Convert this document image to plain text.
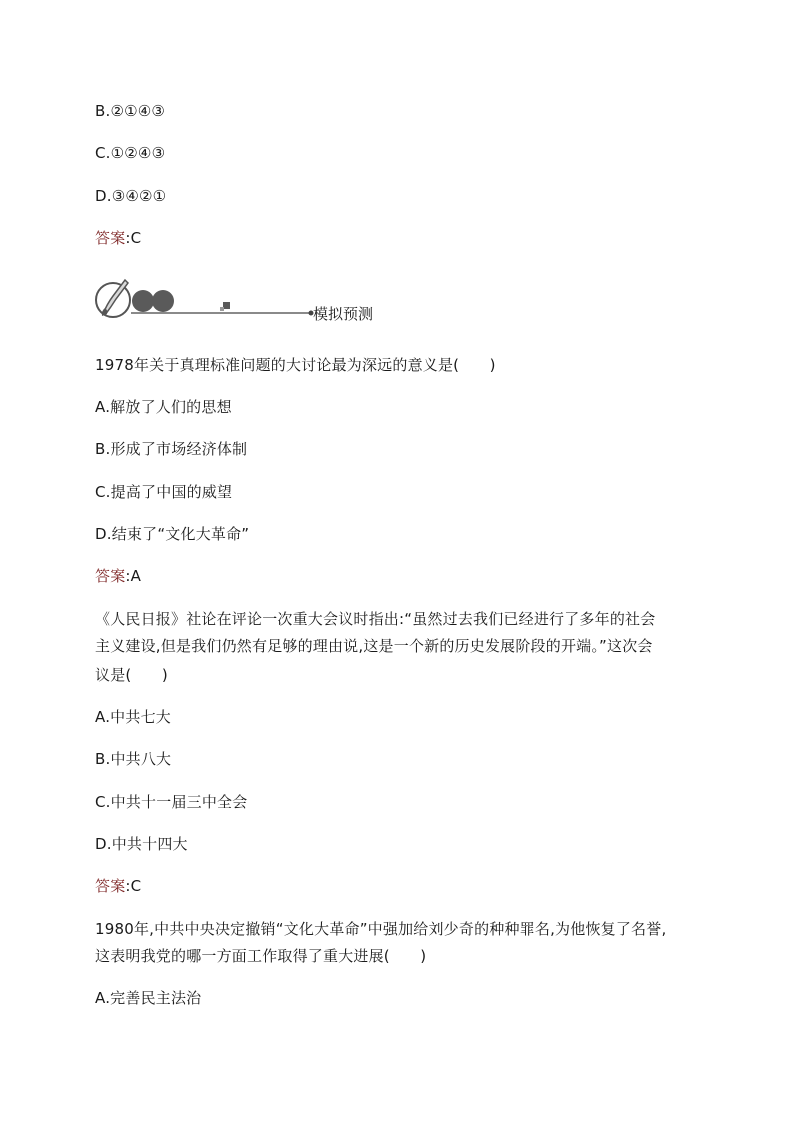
B.②①④③
C.①②④③
D.③④②①
答案:C
模拟预测
1978年关于真理标准问题的大讨论最为深远的意义是(　　)
A.解放了人们的思想
B.形成了市场经济体制
C.提高了中国的威望
D.结束了“文化大革命”
答案:A
《人民日报》社论在评论一次重大会议时指出:“虽然过去我们已经进行了多年的社会
主义建设,但是我们仍然有足够的理由说,这是一个新的历史发展阶段的开端。”这次会
议是(　　)
A.中共七大
B.中共八大
C.中共十一届三中全会
D.中共十四大
答案:C
1980年,中共中央决定撤销“文化大革命”中强加给刘少奇的种种罪名,为他恢复了名誉,
这表明我党的哪一方面工作取得了重大进展(　　)
A.完善民主法治
